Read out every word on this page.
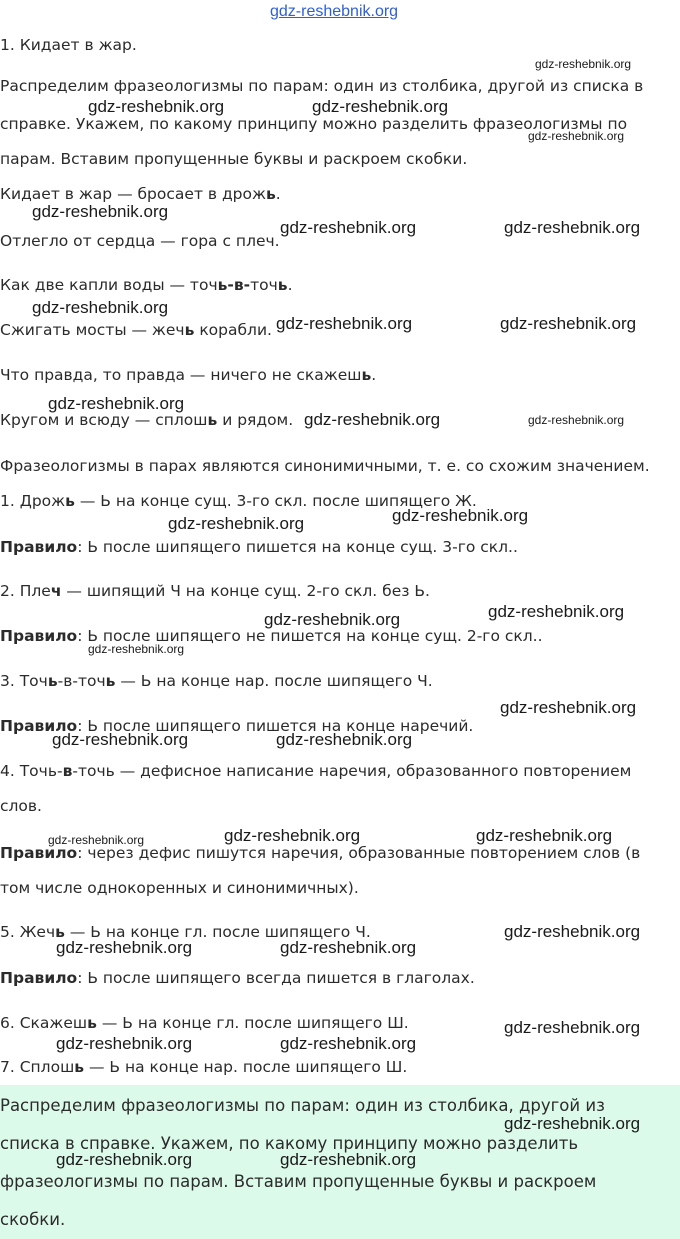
gdz-reshebnik.org
1. Кидает в жар.
Распределим фразеологизмы по парам: один из столбика, другой из списка в
справке. Укажем, по какому принципу можно разделить фразеологизмы по
парам. Вставим пропущенные буквы и раскроем скобки.
Кидает в жар — бросает в дрожь.
Отлегло от сердца — гора с плеч.
Как две капли воды — точь-в-точь.
Сжигать мосты — жечь корабли.
Что правда, то правда — ничего не скажешь.
Кругом и всюду — сплошь и рядом.
Фразеологизмы в парах являются синонимичными, т. е. со схожим значением.
1. Дрожь — Ь на конце сущ. 3-го скл. после шипящего Ж.
Правило: Ь после шипящего пишется на конце сущ. 3-го скл..
2. Плеч — шипящий Ч на конце сущ. 2-го скл. без Ь.
Правило: Ь после шипящего не пишется на конце сущ. 2-го скл..
3. Точь-в-точь — Ь на конце нар. после шипящего Ч.
Правило: Ь после шипящего пишется на конце наречий.
4. Точь-в-точь — дефисное написание наречия, образованного повторением
слов.
Правило: через дефис пишутся наречия, образованные повторением слов (в
том числе однокоренных и синонимичных).
5. Жечь — Ь на конце гл. после шипящего Ч.
Правило: Ь после шипящего всегда пишется в глаголах.
6. Скажешь — Ь на конце гл. после шипящего Ш.
7. Сплошь — Ь на конце нар. после шипящего Ш.
Распределим фразеологизмы по парам: один из столбика, другой из
списка в справке. Укажем, по какому принципу можно разделить
фразеологизмы по парам. Вставим пропущенные буквы и раскроем
скобки.
gdz-reshebnik.org
gdz-reshebnik.org	gdz-reshebnik.org
gdz-reshebnik.org
gdz-reshebnik.org
gdz-reshebnik.org	gdz-reshebnik.org
gdz-reshebnik.org
gdz-reshebnik.org	gdz-reshebnik.org
gdz-reshebnik.org
gdz-reshebnik.org	gdz-reshebnik.org
gdz-reshebnik.org
gdz-reshebnik.org
gdz-reshebnik.org
gdz-reshebnik.org
gdz-reshebnik.org
gdz-reshebnik.org
gdz-reshebnik.org	gdz-reshebnik.org
gdz-reshebnik.org	gdz-reshebnik.org	gdz-reshebnik.org
gdz-reshebnik.org
gdz-reshebnik.org	gdz-reshebnik.org
gdz-reshebnik.org
gdz-reshebnik.org	gdz-reshebnik.org
gdz-reshebnik.org
gdz-reshebnik.org	gdz-reshebnik.org
